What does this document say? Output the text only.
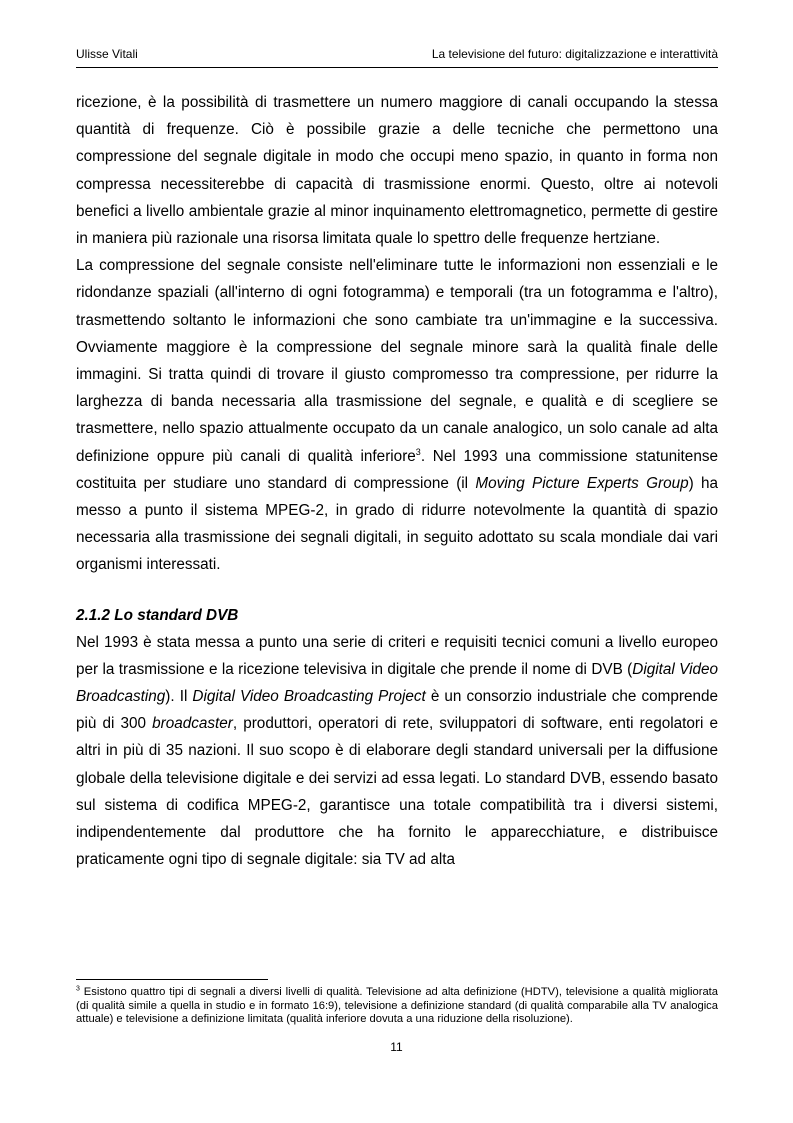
Ulisse Vitali	La televisione del futuro: digitalizzazione e interattività

ricezione, è la possibilità di trasmettere un numero maggiore di canali occupando la stessa quantità di frequenze. Ciò è possibile grazie a delle tecniche che permettono una compressione del segnale digitale in modo che occupi meno spazio, in quanto in forma non compressa necessiterebbe di capacità di trasmissione enormi. Questo, oltre ai notevoli benefici a livello ambientale grazie al minor inquinamento elettromagnetico, permette di gestire in maniera più razionale una risorsa limitata quale lo spettro delle frequenze hertziane.

La compressione del segnale consiste nell'eliminare tutte le informazioni non essenziali e le ridondanze spaziali (all'interno di ogni fotogramma) e temporali (tra un fotogramma e l'altro), trasmettendo soltanto le informazioni che sono cambiate tra un'immagine e la successiva. Ovviamente maggiore è la compressione del segnale minore sarà la qualità finale delle immagini. Si tratta quindi di trovare il giusto compromesso tra compressione, per ridurre la larghezza di banda necessaria alla trasmissione del segnale, e qualità e di scegliere se trasmettere, nello spazio attualmente occupato da un canale analogico, un solo canale ad alta definizione oppure più canali di qualità inferiore$^3$. Nel 1993 una commissione statunitense costituita per studiare uno standard di compressione (il Moving Picture Experts Group) ha messo a punto il sistema MPEG-2, in grado di ridurre notevolmente la quantità di spazio necessaria alla trasmissione dei segnali digitali, in seguito adottato su scala mondiale dai vari organismi interessati.

2.1.2 Lo standard DVB

Nel 1993 è stata messa a punto una serie di criteri e requisiti tecnici comuni a livello europeo per la trasmissione e la ricezione televisiva in digitale che prende il nome di DVB (Digital Video Broadcasting). Il Digital Video Broadcasting Project è un consorzio industriale che comprende più di 300 broadcaster, produttori, operatori di rete, sviluppatori di software, enti regolatori e altri in più di 35 nazioni. Il suo scopo è di elaborare degli standard universali per la diffusione globale della televisione digitale e dei servizi ad essa legati. Lo standard DVB, essendo basato sul sistema di codifica MPEG-2, garantisce una totale compatibilità tra i diversi sistemi, indipendentemente dal produttore che ha fornito le apparecchiature, e distribuisce praticamente ogni tipo di segnale digitale: sia TV ad alta

$^3$ Esistono quattro tipi di segnali a diversi livelli di qualità. Televisione ad alta definizione (HDTV), televisione a qualità migliorata (di qualità simile a quella in studio e in formato 16:9), televisione a definizione standard (di qualità comparabile alla TV analogica attuale) e televisione a definizione limitata (qualità inferiore dovuta a una riduzione della risoluzione).
11
